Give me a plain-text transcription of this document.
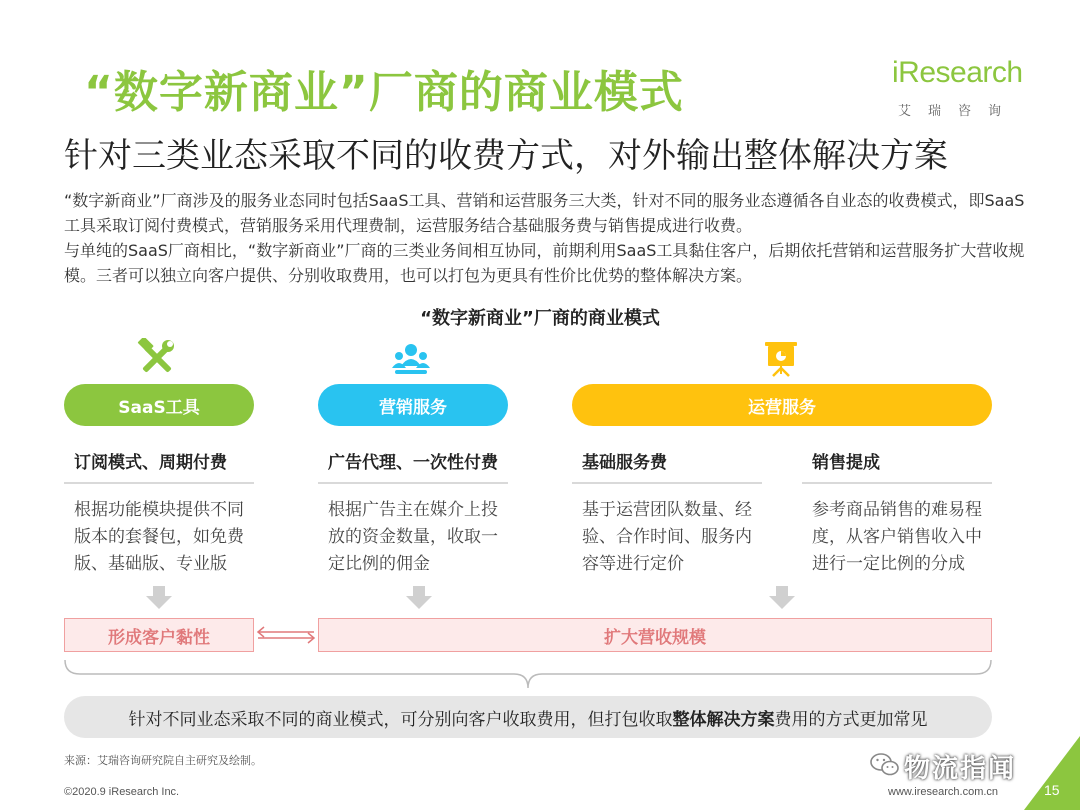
“数字新商业”厂商的商业模式	iResearch
艾瑞咨询
针对三类业态采取不同的收费方式，对外输出整体解决方案

“数字新商业”厂商涉及的服务业态同时包括SaaS工具、营销和运营服务三大类，针对不同的服务业态遵循各自业态的收费模式，即SaaS工具采取订阅付费模式，营销服务采用代理费制，运营服务结合基础服务费与销售提成进行收费。

与单纯的SaaS厂商相比，“数字新商业”厂商的三类业务间相互协同，前期利用SaaS工具黏住客户，后期依托营销和运营服务扩大营收规模。三者可以独立向客户提供、分别收取费用，也可以打包为更具有性价比优势的整体解决方案。

“数字新商业”厂商的商业模式
SaaS工具	营销服务	运营服务
订阅模式、周期付费	广告代理、一次性付费	基础服务费	销售提成
根据功能模块提供不同版本的套餐包，如免费版、基础版、专业版
根据广告主在媒介上投放的资金数量，收取一定比例的佣金
基于运营团队数量、经验、合作时间、服务内容等进行定价
参考商品销售的难易程度，从客户销售收入中进行一定比例的分成
形成客户黏性	扩大营收规模
针对不同业态采取不同的商业模式，可分别向客户收取费用，但打包收取 整体解决方案 费用的方式更加常见
来源：艾瑞咨询研究院自主研究及绘制。
©2020.9 iResearch Inc.	www.iresearch.com.cn	15
物流指闻
